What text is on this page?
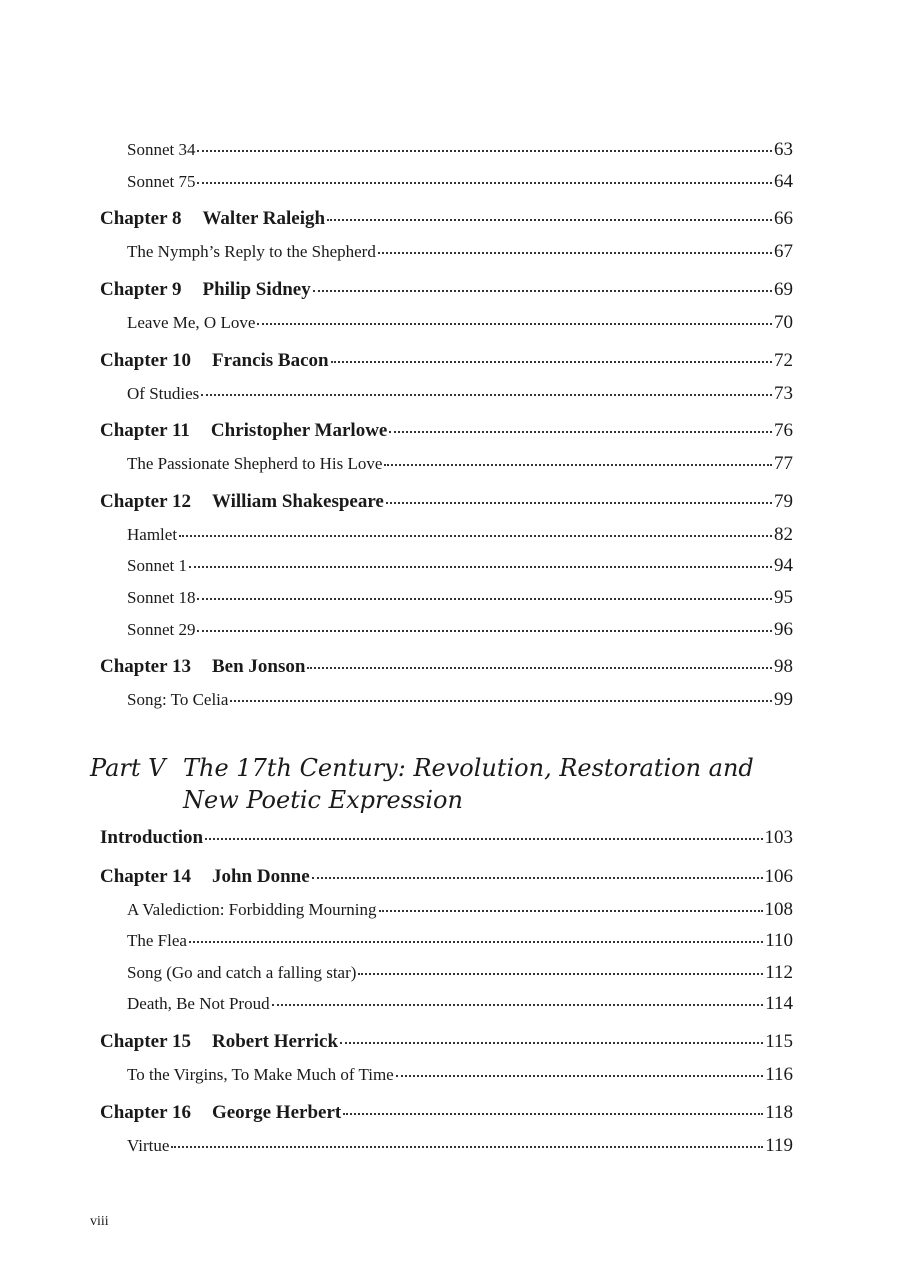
Sonnet 34	63
Sonnet 75	64
Chapter 8 Walter Raleigh	66
The Nymph’s Reply to the Shepherd	67
Chapter 9 Philip Sidney	69
Leave Me, O Love	70
Chapter 10 Francis Bacon	72
Of Studies	73
Chapter 11 Christopher Marlowe	76
The Passionate Shepherd to His Love	77
Chapter 12 William Shakespeare	79
Hamlet	82
Sonnet 1	94
Sonnet 18	95
Sonnet 29	96
Chapter 13 Ben Jonson	98
Song: To Celia	99
Part V The 17th Century: Revolution, Restoration and New Poetic Expression
Introduction	103
Chapter 14 John Donne	106
A Valediction: Forbidding Mourning	108
The Flea	110
Song (Go and catch a falling star)	112
Death, Be Not Proud	114
Chapter 15 Robert Herrick	115
To the Virgins, To Make Much of Time	116
Chapter 16 George Herbert	118
Virtue	119
viii
